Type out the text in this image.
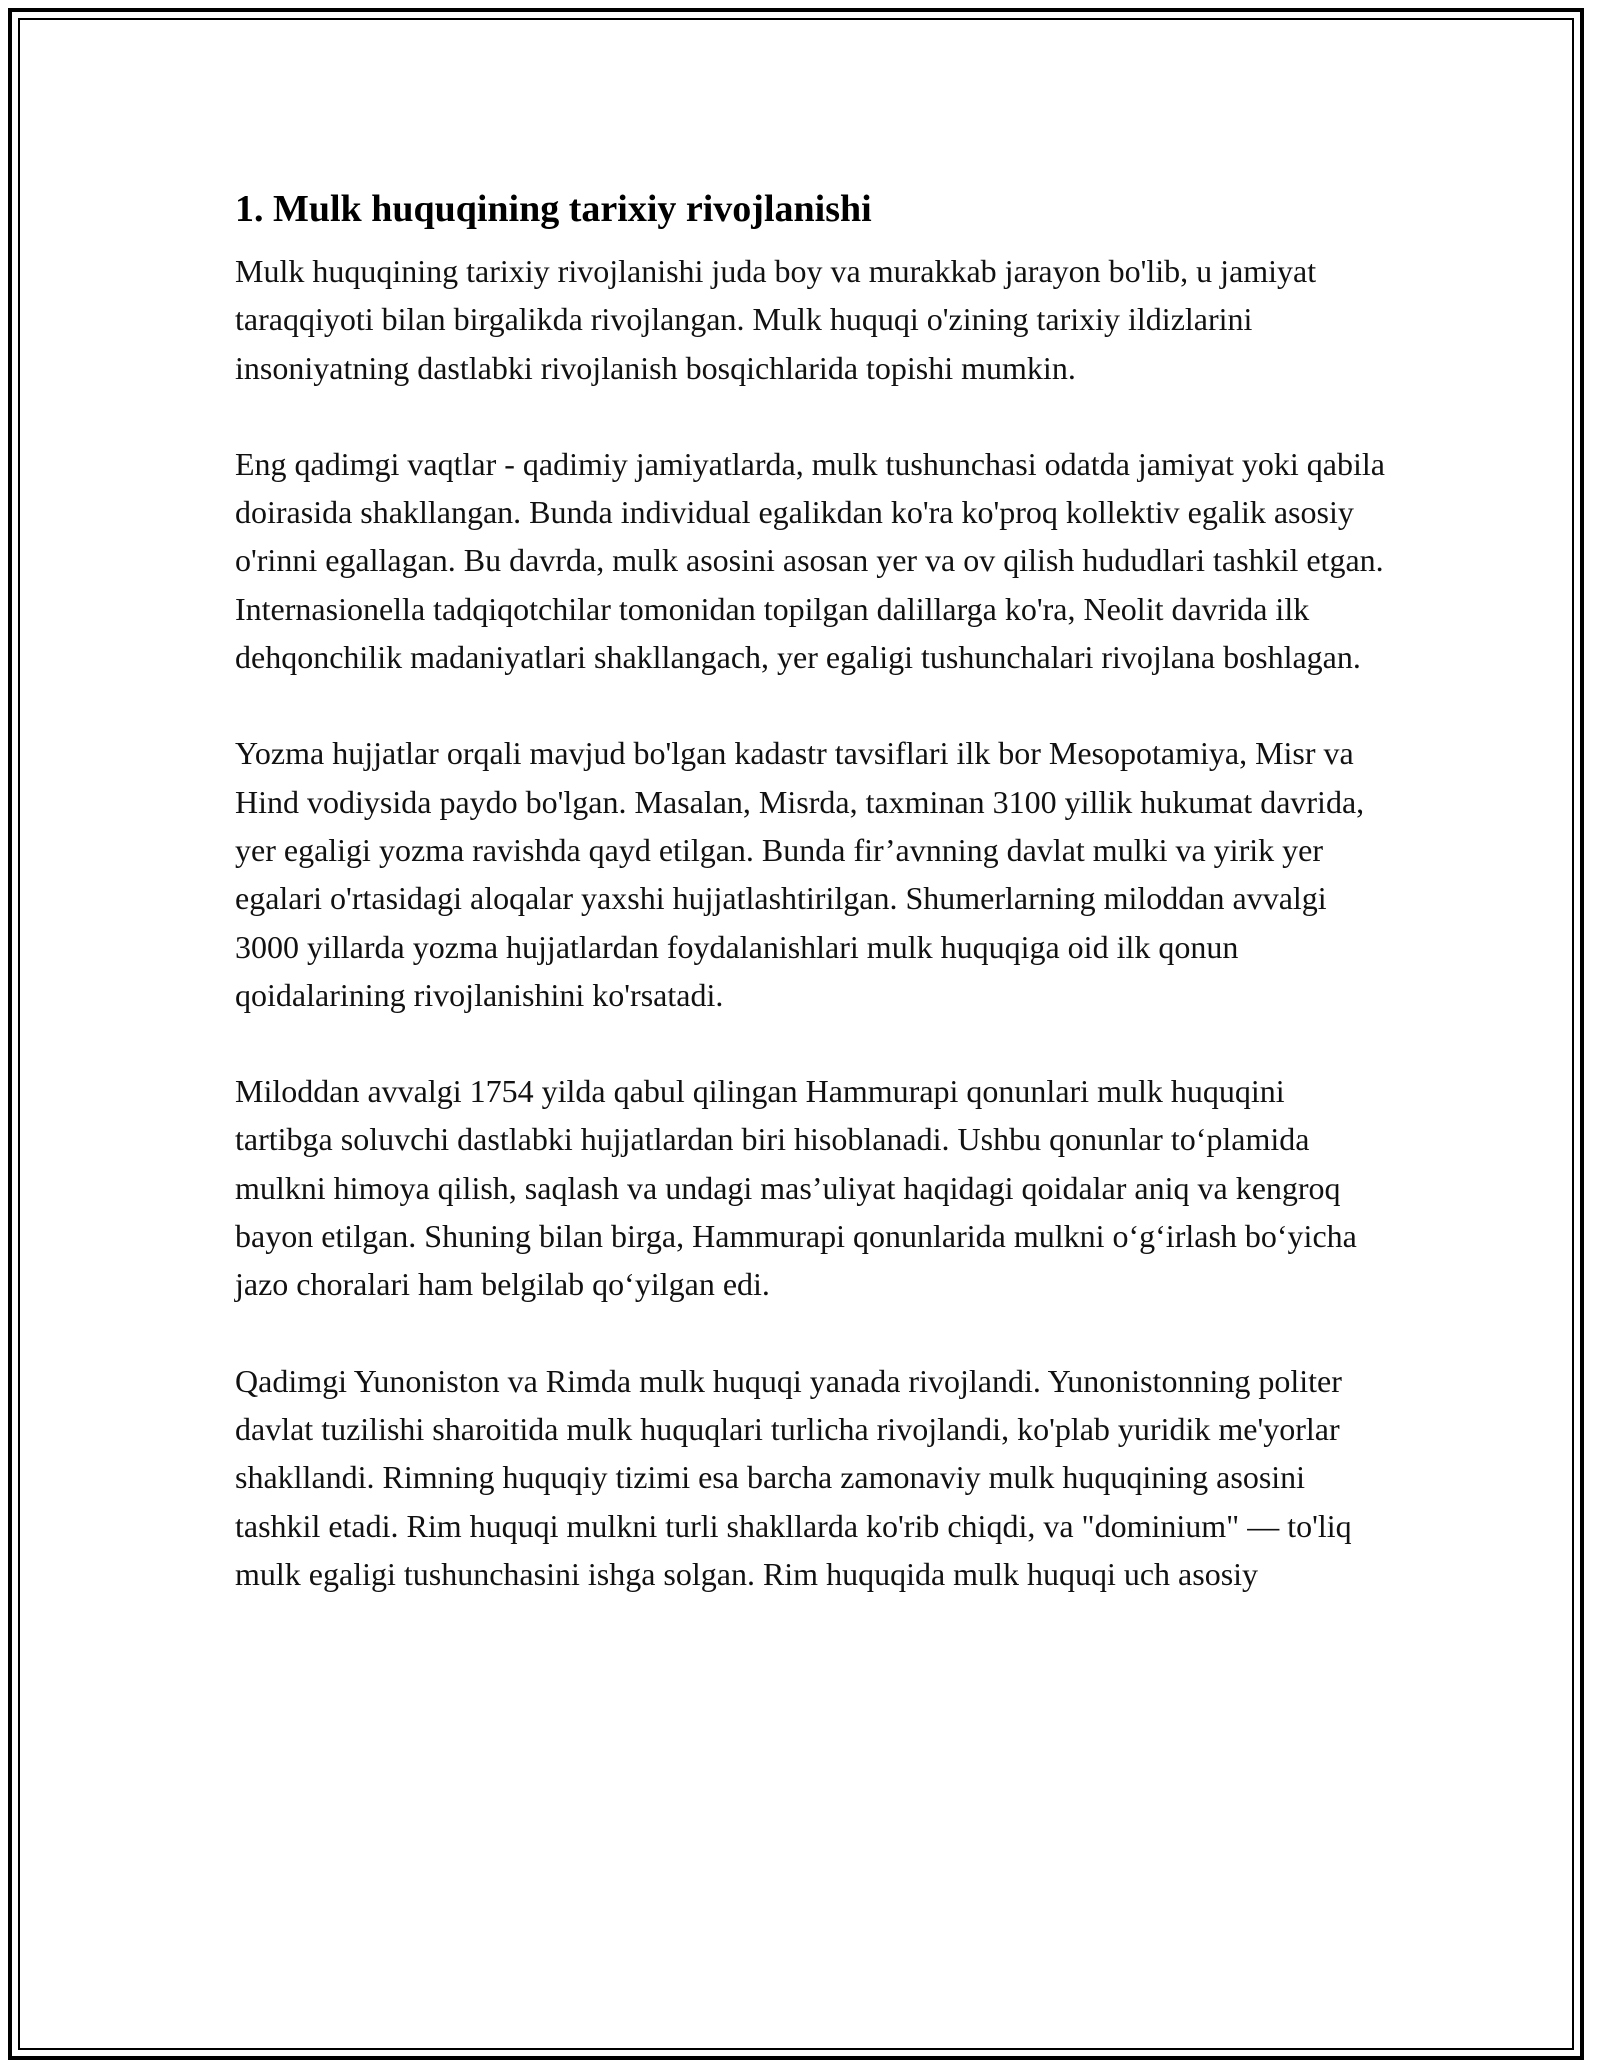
1. Mulk huquqining tarixiy rivojlanishi

Mulk huquqining tarixiy rivojlanishi juda boy va murakkab jarayon bo'lib, u jamiyat taraqqiyoti bilan birgalikda rivojlangan. Mulk huquqi o'zining tarixiy ildizlarini insoniyatning dastlabki rivojlanish bosqichlarida topishi mumkin.

Eng qadimgi vaqtlar - qadimiy jamiyatlarda, mulk tushunchasi odatda jamiyat yoki qabila doirasida shakllangan. Bunda individual egalikdan ko'ra ko'proq kollektiv egalik asosiy o'rinni egallagan. Bu davrda, mulk asosini asosan yer va ov qilish hududlari tashkil etgan. Internasionella tadqiqotchilar tomonidan topilgan dalillarga ko'ra, Neolit davrida ilk dehqonchilik madaniyatlari shakllangach, yer egaligi tushunchalari rivojlana boshlagan.

Yozma hujjatlar orqali mavjud bo'lgan kadastr tavsiflari ilk bor Mesopotamiya, Misr va Hind vodiysida paydo bo'lgan. Masalan, Misrda, taxminan 3100 yillik hukumat davrida, yer egaligi yozma ravishda qayd etilgan. Bunda fir’avnning davlat mulki va yirik yer egalari o'rtasidagi aloqalar yaxshi hujjatlashtirilgan. Shumerlarning miloddan avvalgi 3000 yillarda yozma hujjatlardan foydalanishlari mulk huquqiga oid ilk qonun qoidalarining rivojlanishini ko'rsatadi.

Miloddan avvalgi 1754 yilda qabul qilingan Hammurapi qonunlari mulk huquqini tartibga soluvchi dastlabki hujjatlardan biri hisoblanadi. Ushbu qonunlar to‘plamida mulkni himoya qilish, saqlash va undagi mas’uliyat haqidagi qoidalar aniq va kengroq bayon etilgan. Shuning bilan birga, Hammurapi qonunlarida mulkni o‘g‘irlash bo‘yicha jazo choralari ham belgilab qo‘yilgan edi.

Qadimgi Yunoniston va Rimda mulk huquqi yanada rivojlandi. Yunonistonning politer davlat tuzilishi sharoitida mulk huquqlari turlicha rivojlandi, ko'plab yuridik me'yorlar shakllandi. Rimning huquqiy tizimi esa barcha zamonaviy mulk huquqining asosini tashkil etadi. Rim huquqi mulkni turli shakllarda ko'rib chiqdi, va "dominium" — to'liq mulk egaligi tushunchasini ishga solgan. Rim huquqida mulk huquqi uch asosiy
